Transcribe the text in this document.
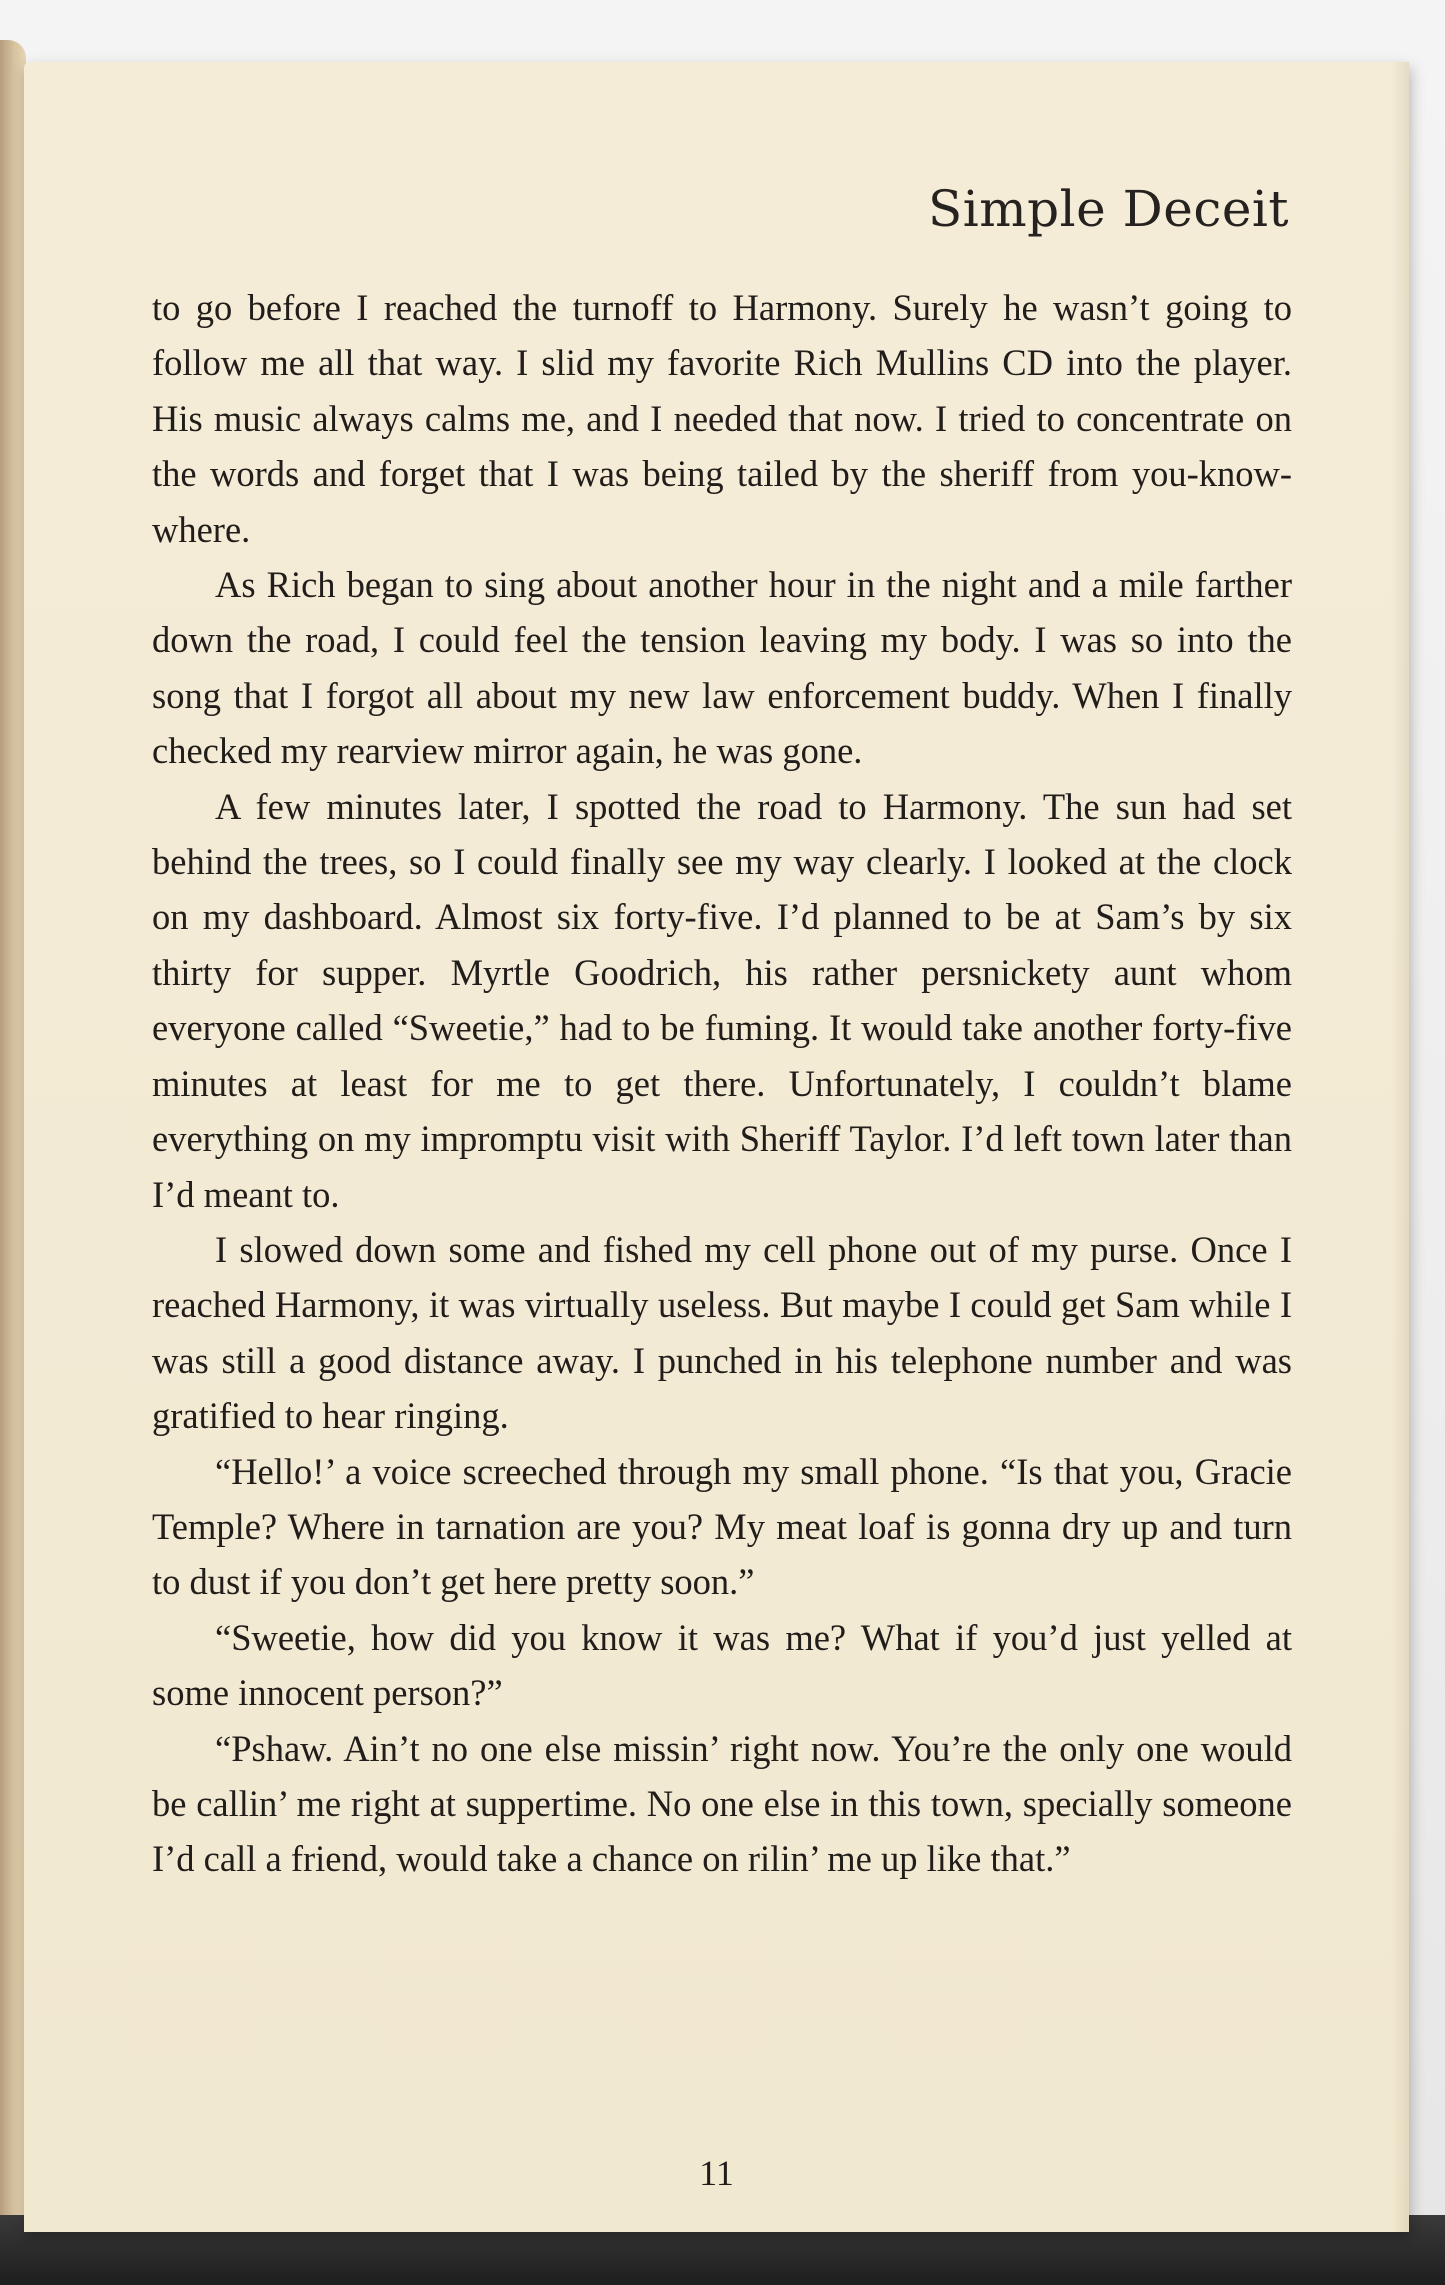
Simple Deceit

to go before I reached the turnoff to Harmony. Surely he wasn’t going to follow me all that way. I slid my favorite Rich Mullins CD into the player. His music always calms me, and I needed that now. I tried to concentrate on the words and forget that I was being tailed by the sheriff from you-know-where.

As Rich began to sing about another hour in the night and a mile farther down the road, I could feel the tension leaving my body. I was so into the song that I forgot all about my new law enforcement buddy. When I finally checked my rearview mirror again, he was gone.

A few minutes later, I spotted the road to Harmony. The sun had set behind the trees, so I could finally see my way clearly. I looked at the clock on my dashboard. Almost six forty-five. I’d planned to be at Sam’s by six thirty for supper. Myrtle Goodrich, his rather persnickety aunt whom everyone called “Sweetie,” had to be fuming. It would take another forty-five minutes at least for me to get there. Unfortunately, I couldn’t blame everything on my impromptu visit with Sheriff Taylor. I’d left town later than I’d meant to.

I slowed down some and fished my cell phone out of my purse. Once I reached Harmony, it was virtually useless. But maybe I could get Sam while I was still a good distance away. I punched in his telephone number and was gratified to hear ringing.

“Hello!’ a voice screeched through my small phone. “Is that you, Gracie Temple? Where in tarnation are you? My meat loaf is gonna dry up and turn to dust if you don’t get here pretty soon.”

“Sweetie, how did you know it was me? What if you’d just yelled at some innocent person?”

“Pshaw. Ain’t no one else missin’ right now. You’re the only one would be callin’ me right at suppertime. No one else in this town, specially someone I’d call a friend, would take a chance on rilin’ me up like that.”

11
